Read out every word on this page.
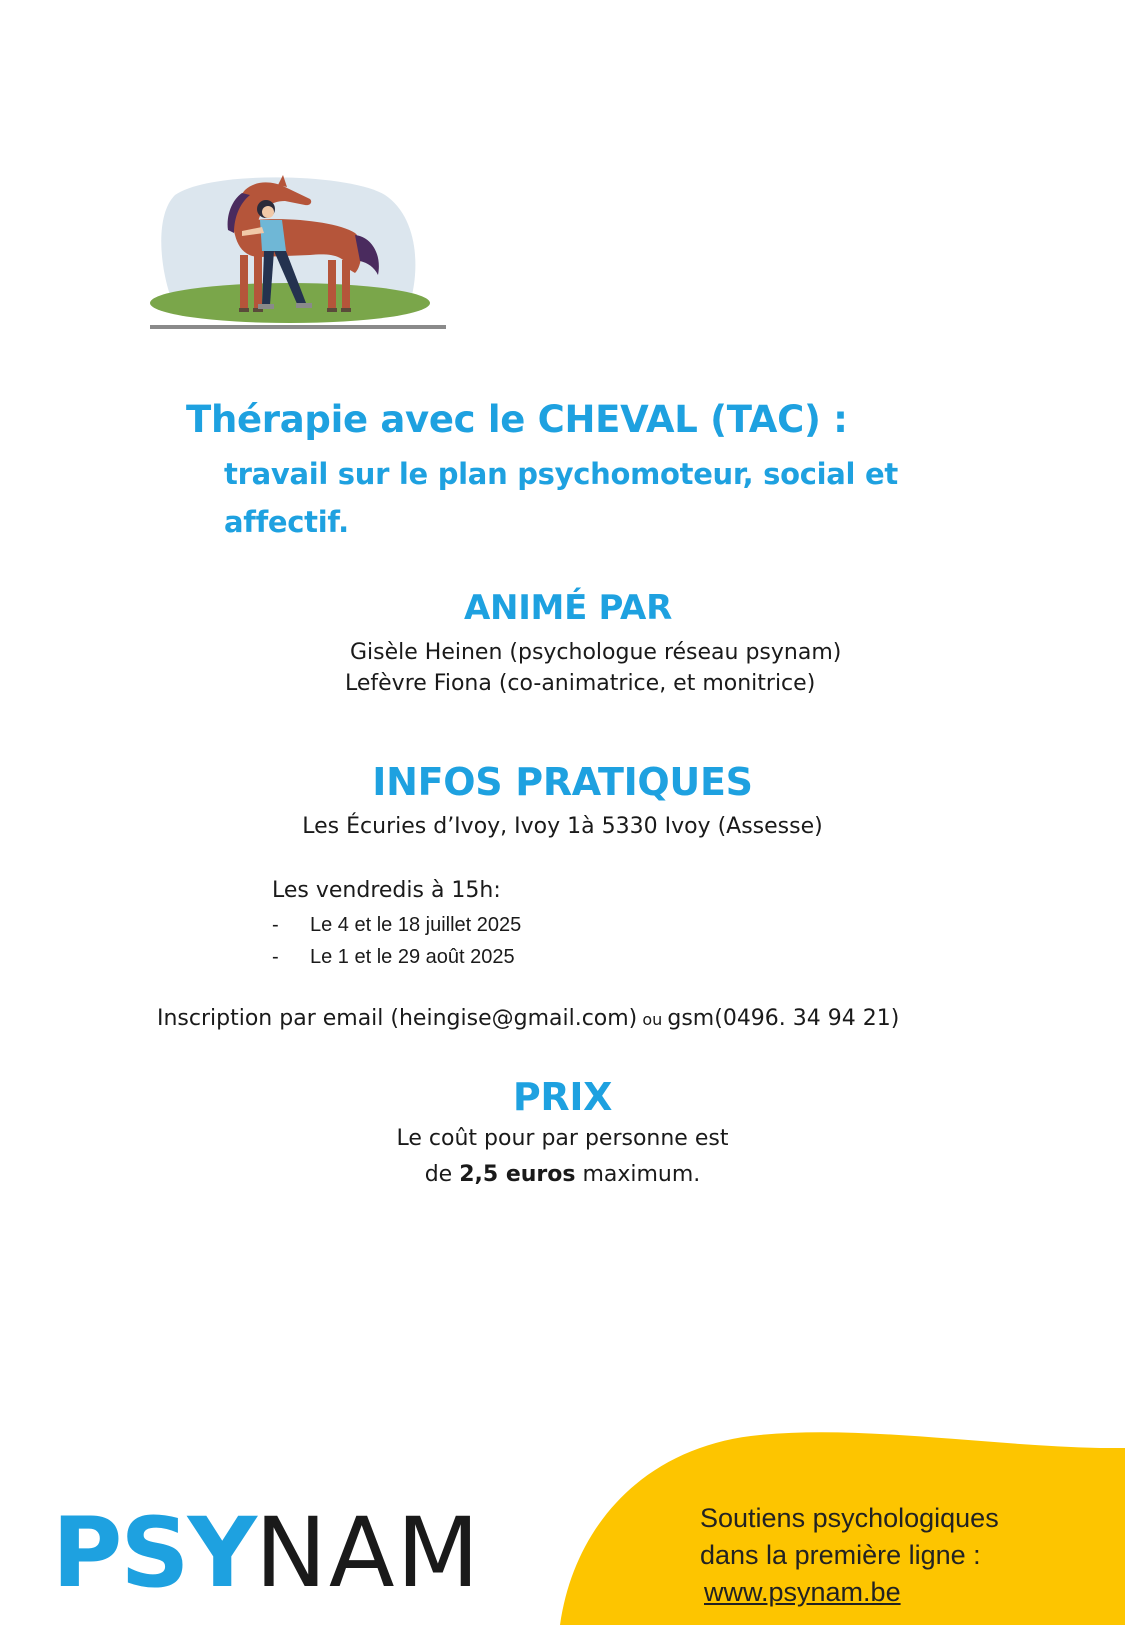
Thérapie avec le CHEVAL (TAC) :

travail sur le plan psychomoteur, social et affectif.

ANIMÉ PAR

Gisèle Heinen (psychologue réseau psynam)

Lefèvre Fiona (co-animatrice, et monitrice)

INFOS PRATIQUES

Les Écuries d’Ivoy, Ivoy 1à 5330 Ivoy (Assesse)

Les vendredis à 15h:

-	Le 4 et le 18 juillet 2025
-	Le 1 et le 29 août 2025
Inscription par email (heingise@gmail.com) ou gsm(0496. 34 94 21)
PRIX

Le coût pour par personne est

de 2,5 euros maximum.

PSYNAM	Soutiens psychologiques
dans la première ligne :
www.psynam.be
